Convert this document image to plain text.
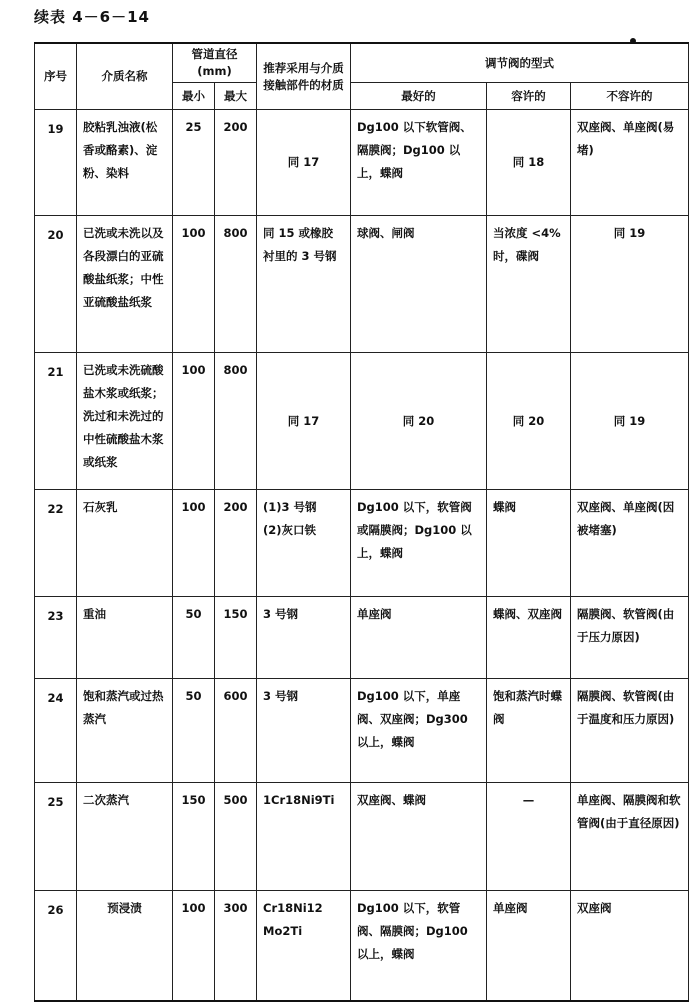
续表 4－6－14
序号	介质名称	管道直径
(mm)		推荐采用与介质接触部件的材质	调节阀的型式		
		最小	最大		最好的	容许的	不容许的
19	胶粘乳浊液(松香或酪素)、淀粉、染料	25	200	同 17	Dg100 以下软管阀、隔膜阀；Dg100 以上，蝶阀	同 18	双座阀、单座阀(易堵)
20	已洗或未洗以及各段漂白的亚硫酸盐纸浆；中性亚硫酸盐纸浆	100	800	同 15 或橡胶衬里的 3 号钢	球阀、闸阀	当浓度 <4% 时，碟阀	同 19
21	已洗或未洗硫酸盐木浆或纸浆；洗过和未洗过的中性硫酸盐木浆或纸浆	100	800	同 17	同 20	同 20	同 19
22	石灰乳	100	200	(1)3 号钢
(2)灰口铁	Dg100 以下，软管阀或隔膜阀；Dg100 以上，蝶阀	蝶阀	双座阀、单座阀(因被堵塞)
23	重油	50	150	3 号钢	单座阀	蝶阀、双座阀	隔膜阀、软管阀(由于压力原因)
24	饱和蒸汽或过热蒸汽	50	600	3 号钢	Dg100 以下，单座阀、双座阀；Dg300 以上，蝶阀	饱和蒸汽时蝶阀	隔膜阀、软管阀(由于温度和压力原因)
25	二次蒸汽	150	500	1Cr18Ni9Ti	双座阀、蝶阀	—	单座阀、隔膜阀和软管阀(由于直径原因)
26	预浸渍	100	300	Cr18Ni12
Mo2Ti	Dg100 以下，软管阀、隔膜阀；Dg100 以上，蝶阀	单座阀	双座阀
